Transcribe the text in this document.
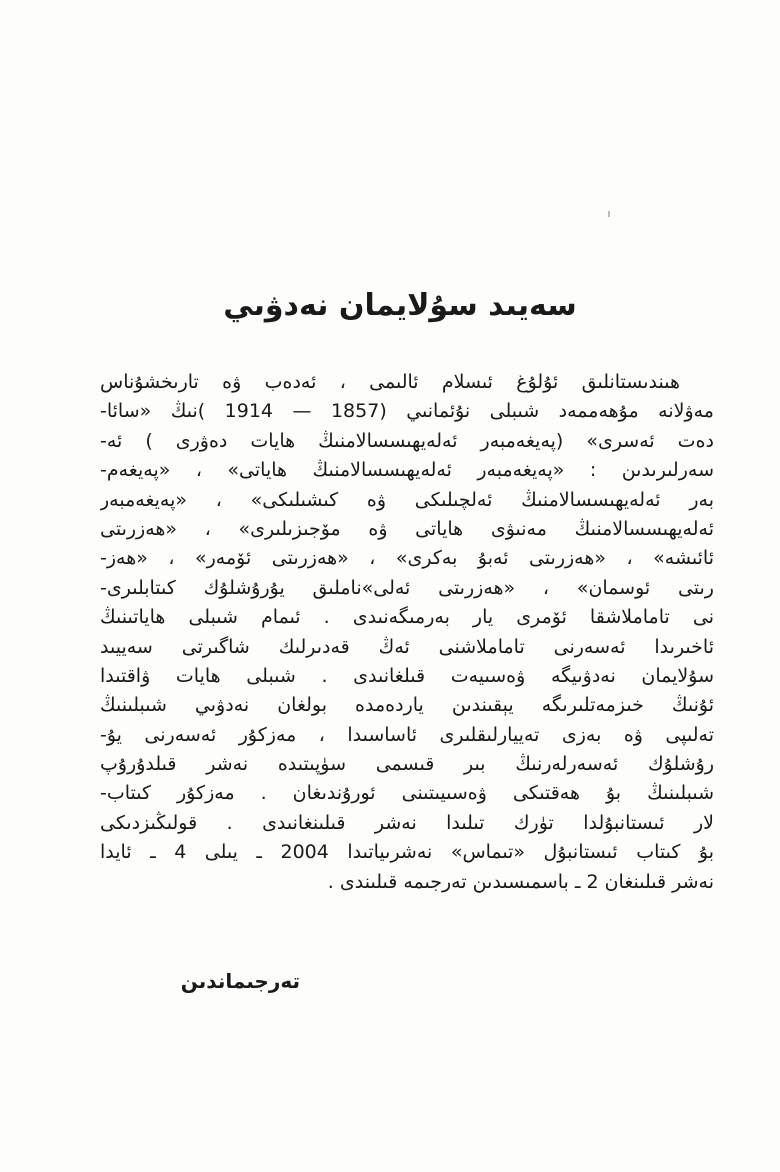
سەيىد سۇلايمان نەدۋىي
ھىندىستانلىق ئۇلۇغ ئىسلام ئالىمى ، ئەدەب ۋە تارىخشۇناس
مەۋلانە مۇھەممەد شىبلى نۇئمانىي (1857 — 1914 )نىڭ «سائا-
دەت ئەسرى» (پەيغەمبەر ئەلەيھىسسالامنىڭ ھايات دەۋرى ) ئە-
سەرلىرىدىن : «پەيغەمبەر ئەلەيھىسسالامنىڭ ھاياتى» ، «پەيغەم-
بەر ئەلەيھىسسالامنىڭ ئەلچىلىكى ۋە كىشىلىكى» ، «پەيغەمبەر
ئەلەيھىسسالامنىڭ مەنىۋى ھاياتى ۋە مۆجىزىلىرى» ، «ھەزرىتى
ئائىشە» ، «ھەزرىتى ئەبۇ بەكرى» ، «ھەزرىتى ئۆمەر» ، «ھەز-
رىتى ئوسمان» ، «ھەزرىتى ئەلى»ناملىق يۇرۇشلۇك كىتابلىرى-
نى تاماملاشقا ئۆمرى يار بەرمىگەنىدى . ئىمام شىبلى ھاياتىنىڭ
ئاخىرىدا ئەسەرنى تاماملاشنى ئەڭ قەدىرلىك شاگىرتى سەييىد
سۇلايمان نەدۋىيگە ۋەسىيەت قىلغانىدى . شىبلى ھايات ۋاقتىدا
ئۇنىڭ خىزمەتلىرىگە يېقىندىن ياردەمدە بولغان نەدۋىي شىبلىنىڭ
تەلىپى ۋە بەزى تەييارلىقلىرى ئاساسىدا ، مەزكۇر ئەسەرنى يۇ-
رۇشلۇك ئەسەرلەرنىڭ بىر قىسمى سۈپىتىدە نەشر قىلدۇرۇپ
شىبلىنىڭ بۇ ھەقتىكى ۋەسىيىتىنى ئورۇندىغان . مەزكۇر كىتاب-
لار ئىستانبۇلدا تۈرك تىلىدا نەشر قىلىنغانىدى . قولىڭىزدىكى
بۇ كىتاب ئىستانبۇل «تىماس» نەشرىياتىدا 2004 ـ يىلى 4 ـ ئايدا
نەشر قىلىنغان 2 ـ باسمىسىدىن تەرجىمە قىلىندى .
تەرجىماندىن
